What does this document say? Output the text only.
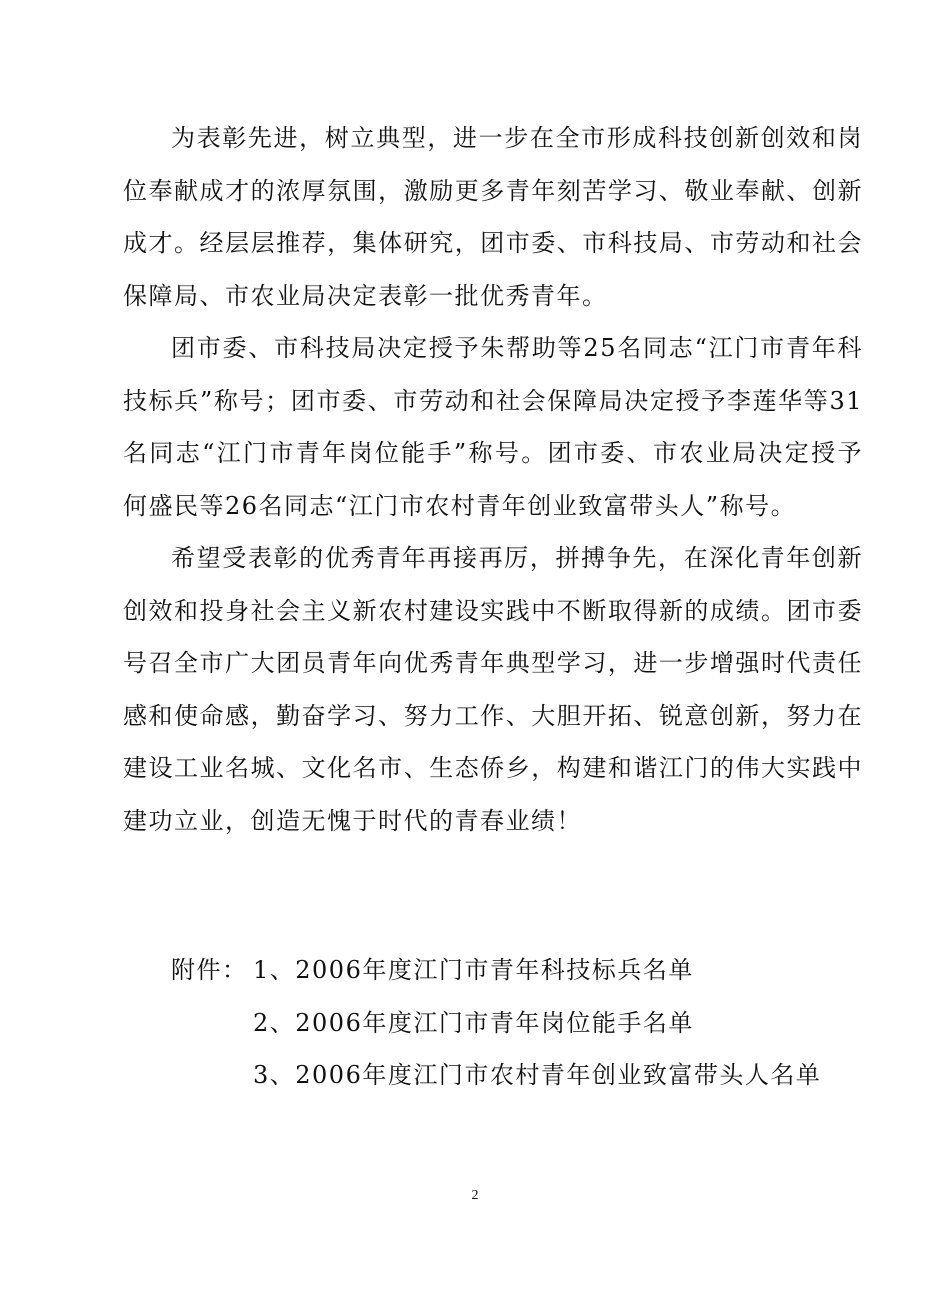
为表彰先进，树立典型，进一步在全市形成科技创新创效和岗位奉献成才的浓厚氛围，激励更多青年刻苦学习、敬业奉献、创新成才。经层层推荐，集体研究，团市委、市科技局、市劳动和社会保障局、市农业局决定表彰一批优秀青年。

团市委、市科技局决定授予朱帮助等25名同志“江门市青年科技标兵”称号；团市委、市劳动和社会保障局决定授予李莲华等31名同志“江门市青年岗位能手”称号。团市委、市农业局决定授予何盛民等26名同志“江门市农村青年创业致富带头人”称号。

希望受表彰的优秀青年再接再厉，拼搏争先，在深化青年创新创效和投身社会主义新农村建设实践中不断取得新的成绩。团市委号召全市广大团员青年向优秀青年典型学习，进一步增强时代责任感和使命感，勤奋学习、努力工作、大胆开拓、锐意创新，努力在建设工业名城、文化名市、生态侨乡，构建和谐江门的伟大实践中建功立业，创造无愧于时代的青春业绩！

附件： 1、2006年度江门市青年科技标兵名单
2、2006年度江门市青年岗位能手名单
3、2006年度江门市农村青年创业致富带头人名单
2
